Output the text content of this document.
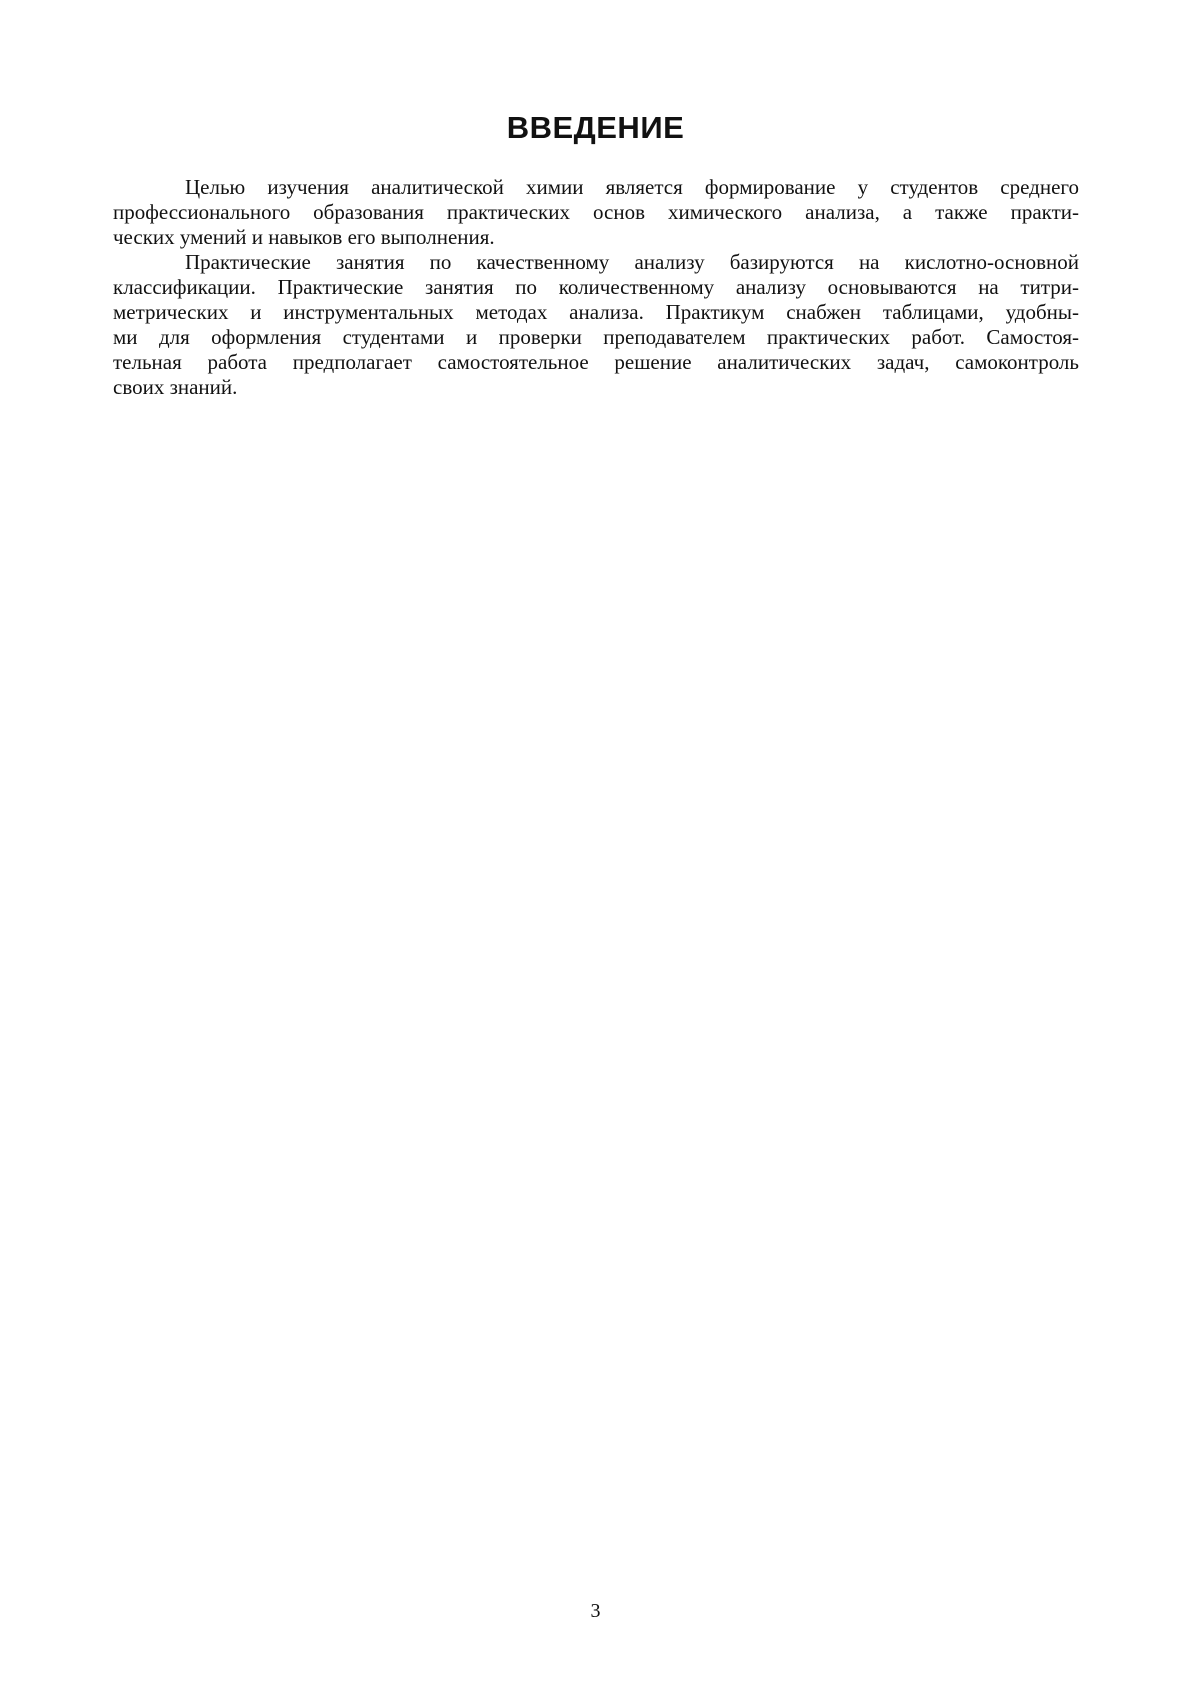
ВВЕДЕНИЕ

Целью изучения аналитической химии является формирование у студентов среднего
профессионального образования практических основ химического анализа, а также практи-
ческих умений и навыков его выполнения.

Практические занятия по качественному анализу базируются на кислотно-основной
классификации. Практические занятия по количественному анализу основываются на титри-
метрических и инструментальных методах анализа. Практикум снабжен таблицами, удобны-
ми для оформления студентами и проверки преподавателем практических работ. Самостоя-
тельная работа предполагает самостоятельное решение аналитических задач, самоконтроль
своих знаний.

3
